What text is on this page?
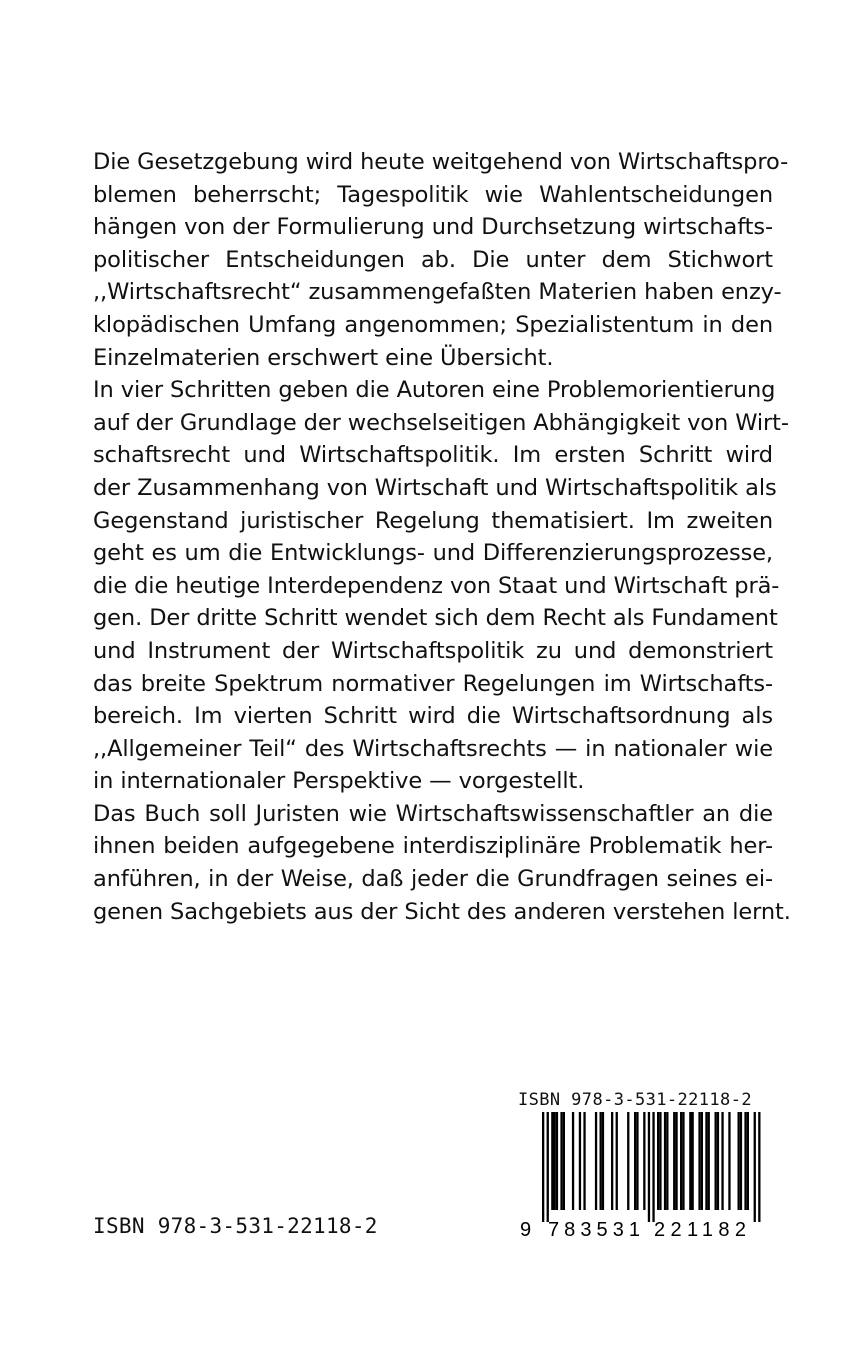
Die Gesetzgebung wird heute weitgehend von Wirtschaftspro-
blemen beherrscht; Tagespolitik wie Wahlentscheidungen
hängen von der Formulierung und Durchsetzung wirtschafts-
politischer Entscheidungen ab. Die unter dem Stichwort
,,Wirtschaftsrecht“ zusammengefaßten Materien haben enzy-
klopädischen Umfang angenommen; Spezialistentum in den
Einzelmaterien erschwert eine Übersicht.
In vier Schritten geben die Autoren eine Problemorientierung
auf der Grundlage der wechselseitigen Abhängigkeit von Wirt-
schaftsrecht und Wirtschaftspolitik. Im ersten Schritt wird
der Zusammenhang von Wirtschaft und Wirtschaftspolitik als
Gegenstand juristischer Regelung thematisiert. Im zweiten
geht es um die Entwicklungs- und Differenzierungsprozesse,
die die heutige Interdependenz von Staat und Wirtschaft prä-
gen. Der dritte Schritt wendet sich dem Recht als Fundament
und Instrument der Wirtschaftspolitik zu und demonstriert
das breite Spektrum normativer Regelungen im Wirtschafts-
bereich. Im vierten Schritt wird die Wirtschaftsordnung als
,,Allgemeiner Teil“ des Wirtschaftsrechts — in nationaler wie
in internationaler Perspektive — vorgestellt.
Das Buch soll Juristen wie Wirtschaftswissenschaftler an die
ihnen beiden aufgegebene interdisziplinäre Problematik her-
anführen, in der Weise, daß jeder die Grundfragen seines ei-
genen Sachgebiets aus der Sicht des anderen verstehen lernt.
ISBN 978-3-531-22118-2
9 783531 221182
ISBN 978-3-531-22118-2
